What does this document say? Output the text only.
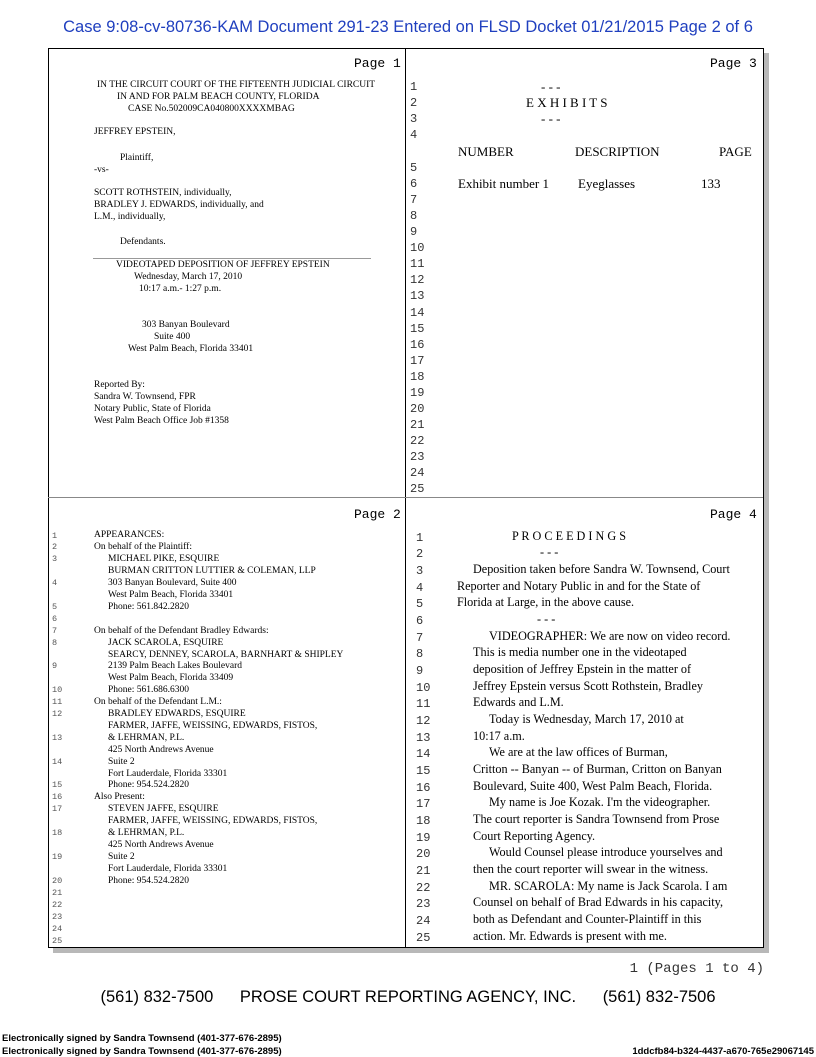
Case 9:08-cv-80736-KAM Document 291-23 Entered on FLSD Docket 01/21/2015 Page 2 of 6
Page 1	Page 3
Page 2	Page 4
IN THE CIRCUIT COURT OF THE FIFTEENTH JUDICIAL CIRCUIT
IN AND FOR PALM BEACH COUNTY, FLORIDA
CASE No.502009CA040800XXXXMBAG
JEFFREY EPSTEIN,
Plaintiff,
-vs-
SCOTT ROTHSTEIN, individually,
BRADLEY J. EDWARDS, individually, and
L.M., individually,
Defendants.
VIDEOTAPED DEPOSITION OF JEFFREY EPSTEIN
Wednesday, March 17, 2010
10:17 a.m.- 1:27 p.m.
303 Banyan Boulevard
Suite 400
West Palm Beach, Florida 33401
Reported By:
Sandra W. Townsend, FPR
Notary Public, State of Florida
West Palm Beach Office Job #1358
1
2
3
4
5
6
7
8
9
10
11
12
13
14
15
16
17
18
19
20
21
22
23
24
25
- - -
E X H I B I T S
- - -
NUMBER	DESCRIPTION	PAGE
Exhibit number 1 Eyeglasses	133
1
2
3
4
5
6
7
8
9
10
11
12
13
14
15
16
17
18
19
20
21
22
23
24
25
APPEARANCES:
On behalf of the Plaintiff:
MICHAEL PIKE, ESQUIRE
BURMAN CRITTON LUTTIER & COLEMAN, LLP
303 Banyan Boulevard, Suite 400
West Palm Beach, Florida 33401
Phone: 561.842.2820
On behalf of the Defendant Bradley Edwards:
JACK SCAROLA, ESQUIRE
SEARCY, DENNEY, SCAROLA, BARNHART & SHIPLEY
2139 Palm Beach Lakes Boulevard
West Palm Beach, Florida 33409
Phone: 561.686.6300
On behalf of the Defendant L.M.:
BRADLEY EDWARDS, ESQUIRE
FARMER, JAFFE, WEISSING, EDWARDS, FISTOS,
& LEHRMAN, P.L.
425 North Andrews Avenue
Suite 2
Fort Lauderdale, Florida 33301
Phone: 954.524.2820
Also Present:
STEVEN JAFFE, ESQUIRE
FARMER, JAFFE, WEISSING, EDWARDS, FISTOS,
& LEHRMAN, P.L.
425 North Andrews Avenue
Suite 2
Fort Lauderdale, Florida 33301
Phone: 954.524.2820
1
2
3
4
5
6
7
8
9
10
11
12
13
14
15
16
17
18
19
20
21
22
23
24
25
P R O C E E D I N G S
- - -
Deposition taken before Sandra W. Townsend, Court
Reporter and Notary Public in and for the State of
Florida at Large, in the above cause.
- - -
VIDEOGRAPHER: We are now on video record.
This is media number one in the videotaped
deposition of Jeffrey Epstein in the matter of
Jeffrey Epstein versus Scott Rothstein, Bradley
Edwards and L.M.
Today is Wednesday, March 17, 2010 at
10:17 a.m.
We are at the law offices of Burman,
Critton -- Banyan -- of Burman, Critton on Banyan
Boulevard, Suite 400, West Palm Beach, Florida.
My name is Joe Kozak. I'm the videographer.
The court reporter is Sandra Townsend from Prose
Court Reporting Agency.
Would Counsel please introduce yourselves and
then the court reporter will swear in the witness.
MR. SCAROLA: My name is Jack Scarola. I am
Counsel on behalf of Brad Edwards in his capacity,
both as Defendant and Counter-Plaintiff in this
action. Mr. Edwards is present with me.
1 (Pages 1 to 4)
(561) 832-7500 PROSE COURT REPORTING AGENCY, INC. (561) 832-7506
Electronically signed by Sandra Townsend (401-377-676-2895)
Electronically signed by Sandra Townsend (401-377-676-2895)	1ddcfb84-b324-4437-a670-765e29067145
